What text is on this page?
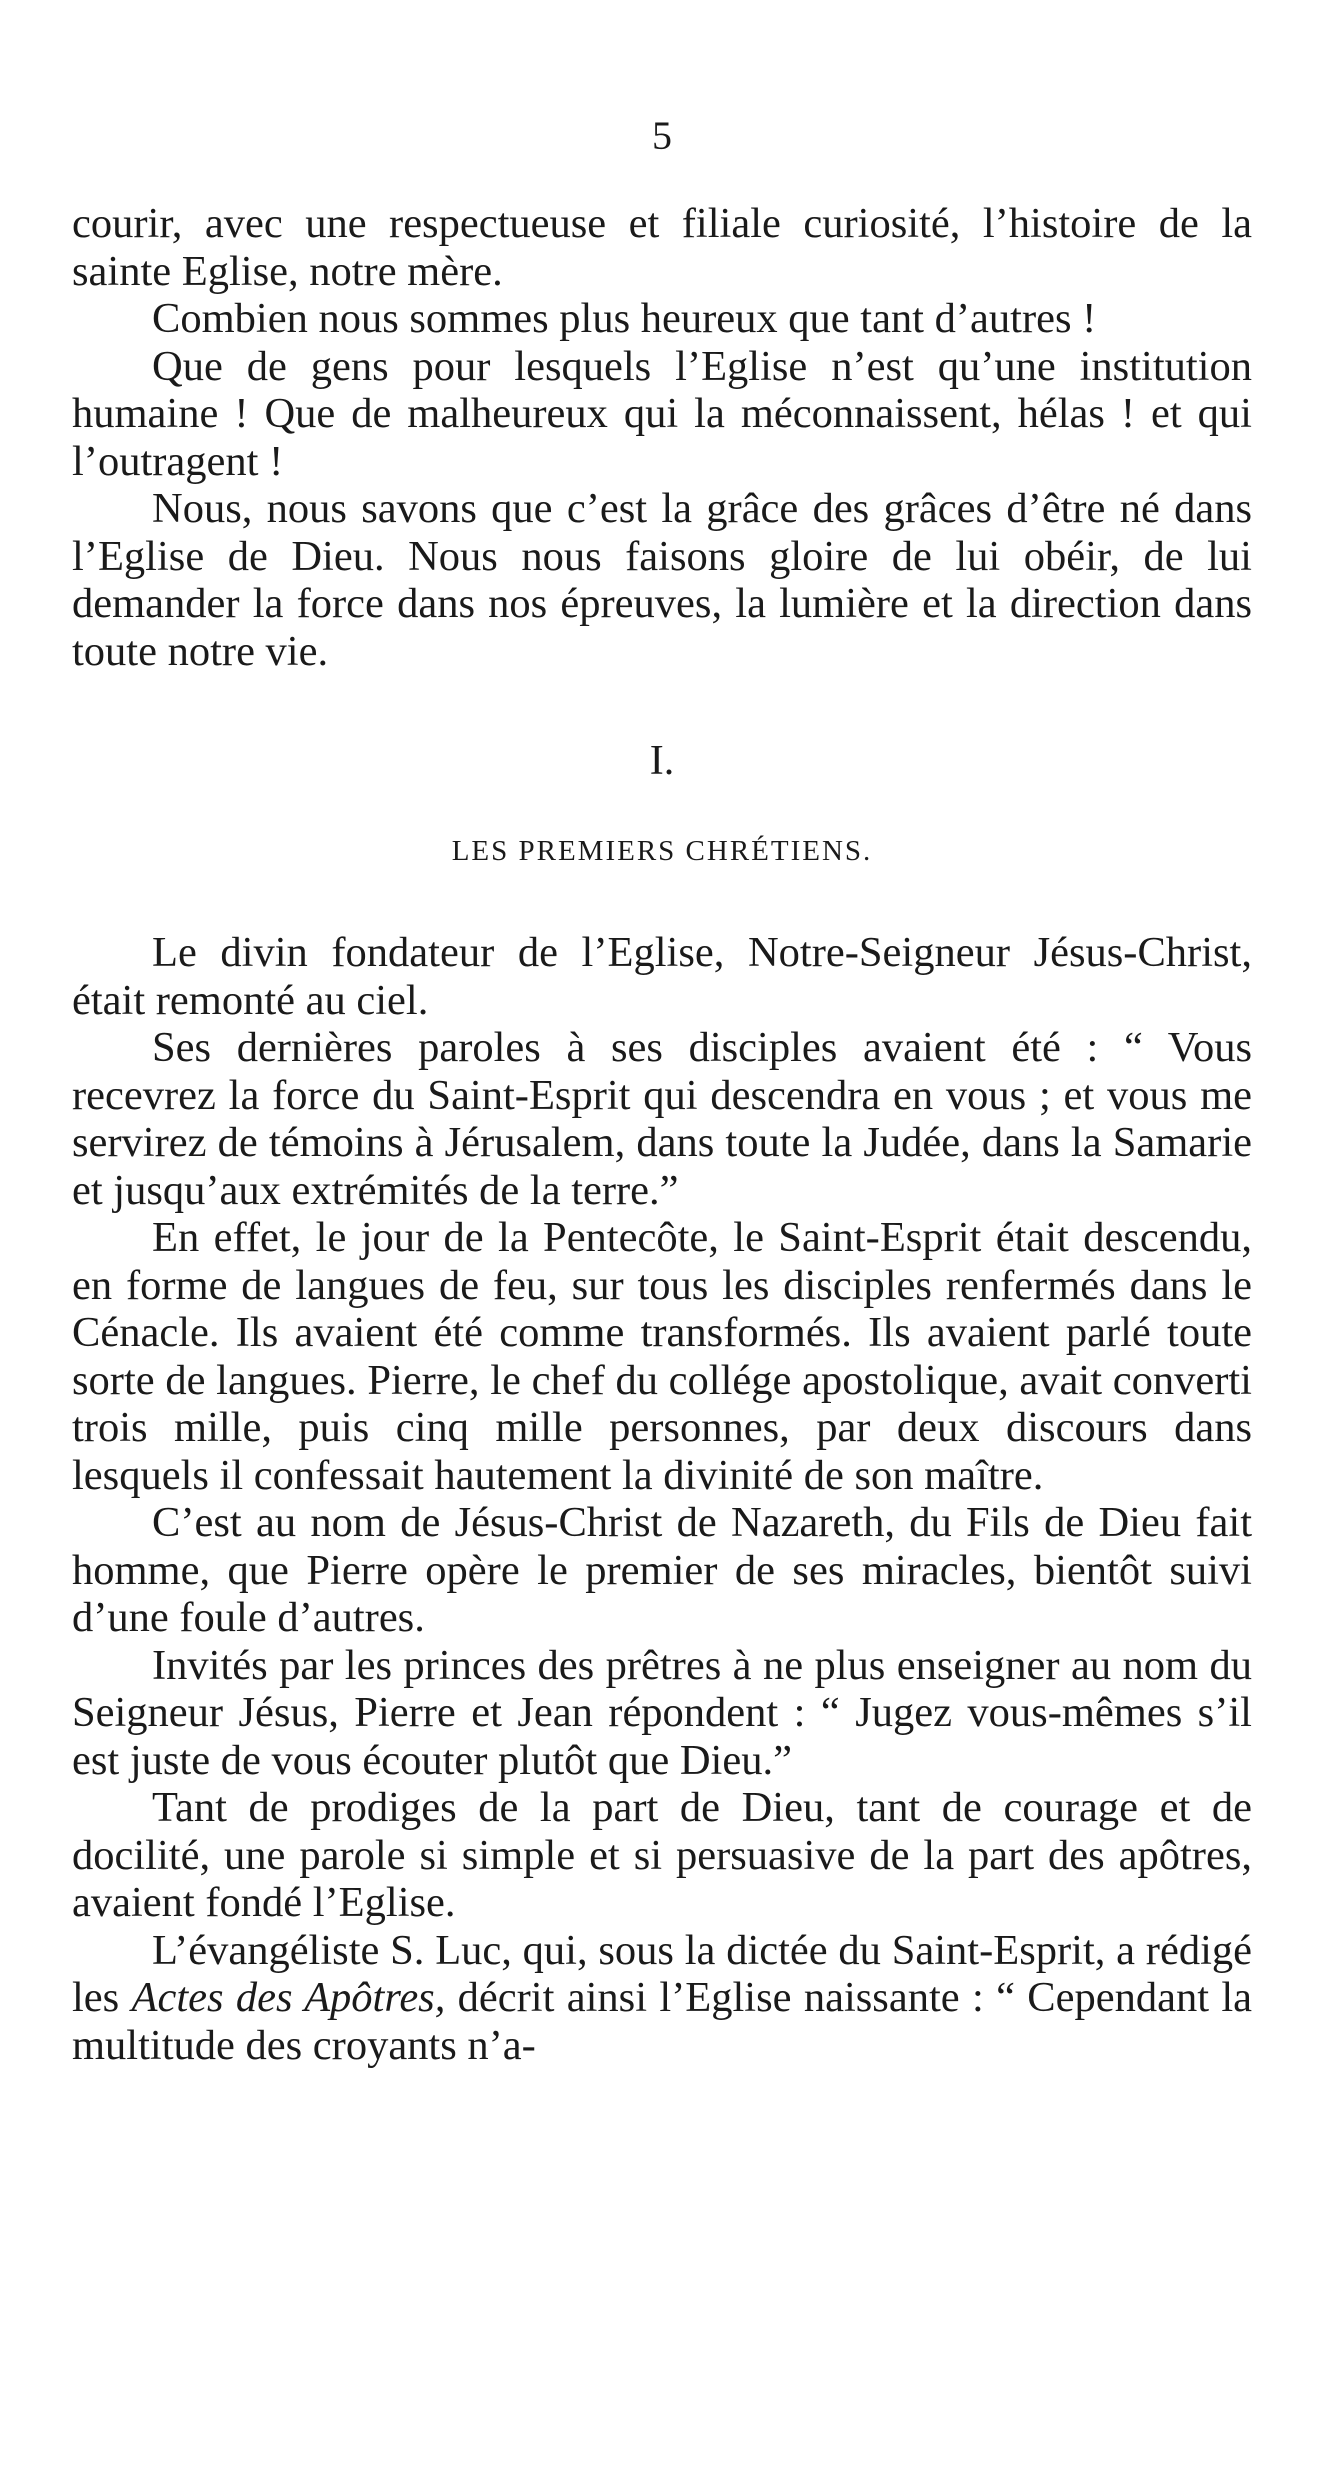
5

courir, avec une respectueuse et filiale curiosité, l’histoire de la sainte Eglise, notre mère.

Combien nous sommes plus heureux que tant d’autres !

Que de gens pour lesquels l’Eglise n’est qu’une institution humaine ! Que de malheureux qui la méconnaissent, hélas ! et qui l’outragent !

Nous, nous savons que c’est la grâce des grâces d’être né dans l’Eglise de Dieu. Nous nous faisons gloire de lui obéir, de lui demander la force dans nos épreuves, la lumière et la direction dans toute notre vie.

I.
LES PREMIERS CHRÉTIENS.

Le divin fondateur de l’Eglise, Notre-Seigneur Jésus-Christ, était remonté au ciel.

Ses dernières paroles à ses disciples avaient été : “ Vous recevrez la force du Saint-Esprit qui descendra en vous ; et vous me servirez de témoins à Jérusalem, dans toute la Judée, dans la Samarie et jusqu’aux extrémités de la terre.”

En effet, le jour de la Pentecôte, le Saint-Esprit était descendu, en forme de langues de feu, sur tous les disciples renfermés dans le Cénacle. Ils avaient été comme transformés. Ils avaient parlé toute sorte de langues. Pierre, le chef du collége apostolique, avait converti trois mille, puis cinq mille personnes, par deux discours dans lesquels il confessait hautement la divinité de son maître.

C’est au nom de Jésus-Christ de Nazareth, du Fils de Dieu fait homme, que Pierre opère le premier de ses miracles, bientôt suivi d’une foule d’autres.

Invités par les princes des prêtres à ne plus enseigner au nom du Seigneur Jésus, Pierre et Jean répondent : “ Jugez vous-mêmes s’il est juste de vous écouter plutôt que Dieu.”

Tant de prodiges de la part de Dieu, tant de courage et de docilité, une parole si simple et si persuasive de la part des apôtres, avaient fondé l’Eglise.

L’évangéliste S. Luc, qui, sous la dictée du Saint-Esprit, a rédigé les Actes des Apôtres, décrit ainsi l’Eglise naissante : “ Cependant la multitude des croyants n’a-
